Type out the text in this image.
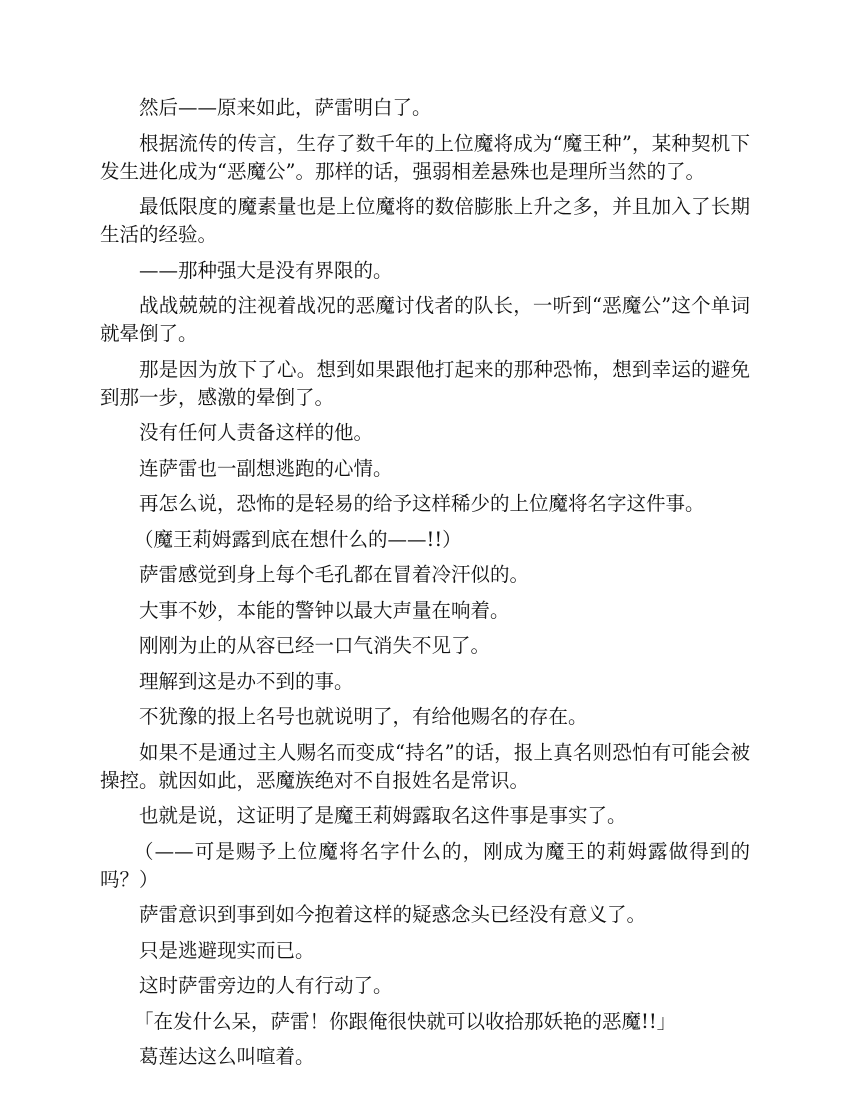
然后——原来如此，萨雷明白了。

根据流传的传言，生存了数千年的上位魔将成为“魔王种”，某种契机下发生进化成为“恶魔公”。那样的话，强弱相差悬殊也是理所当然的了。

最低限度的魔素量也是上位魔将的数倍膨胀上升之多，并且加入了长期生活的经验。

——那种强大是没有界限的。

战战兢兢的注视着战况的恶魔讨伐者的队长，一听到“恶魔公”这个单词就晕倒了。

那是因为放下了心。想到如果跟他打起来的那种恐怖，想到幸运的避免到那一步，感激的晕倒了。

没有任何人责备这样的他。

连萨雷也一副想逃跑的心情。

再怎么说，恐怖的是轻易的给予这样稀少的上位魔将名字这件事。

（魔王莉姆露到底在想什么的——!!）

萨雷感觉到身上每个毛孔都在冒着冷汗似的。

大事不妙，本能的警钟以最大声量在响着。

刚刚为止的从容已经一口气消失不见了。

理解到这是办不到的事。

不犹豫的报上名号也就说明了，有给他赐名的存在。

如果不是通过主人赐名而变成“持名”的话，报上真名则恐怕有可能会被操控。就因如此，恶魔族绝对不自报姓名是常识。

也就是说，这证明了是魔王莉姆露取名这件事是事实了。

（——可是赐予上位魔将名字什么的，刚成为魔王的莉姆露做得到的吗？）

萨雷意识到事到如今抱着这样的疑惑念头已经没有意义了。

只是逃避现实而已。

这时萨雷旁边的人有行动了。

「在发什么呆，萨雷！你跟俺很快就可以收拾那妖艳的恶魔!!」

葛莲达这么叫喧着。
